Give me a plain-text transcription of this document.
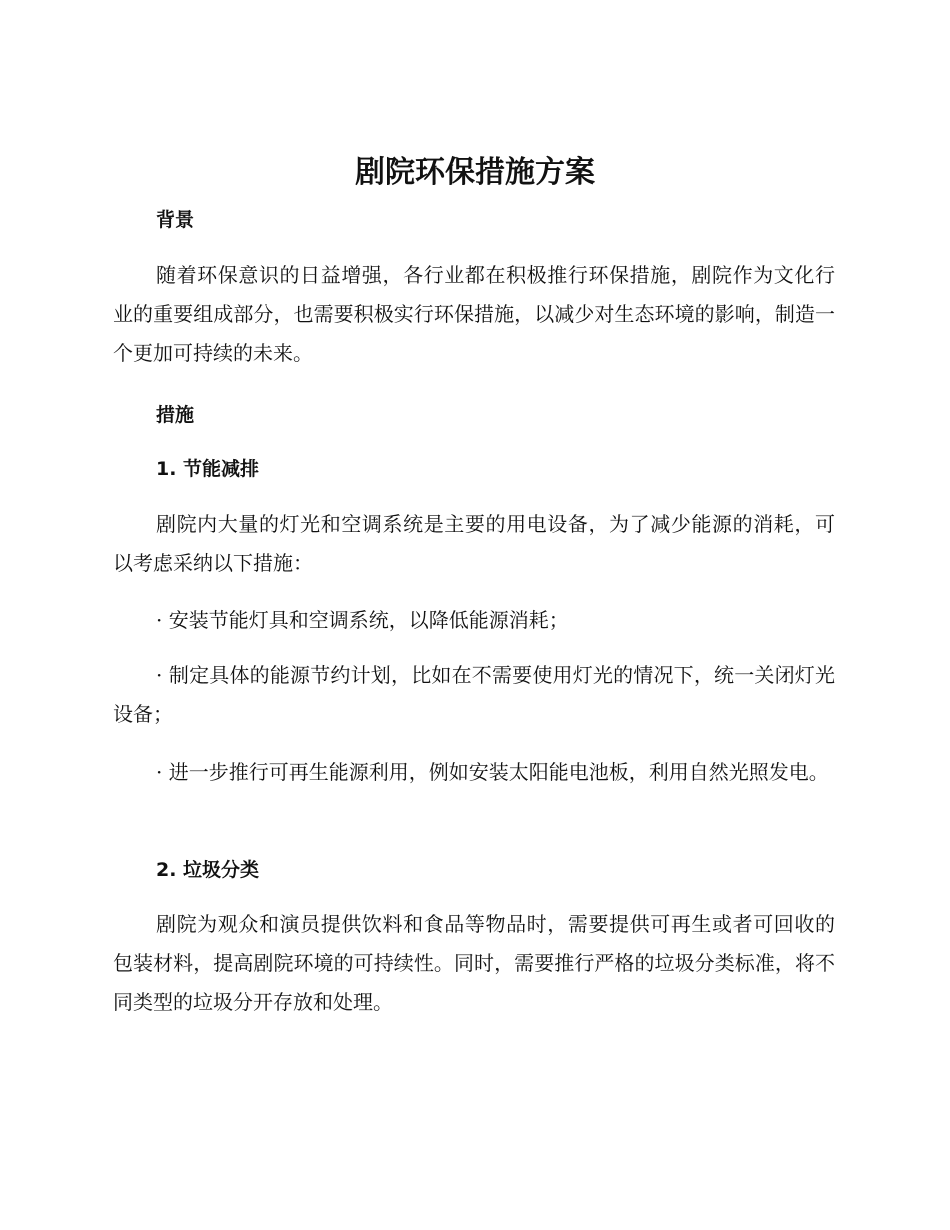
剧院环保措施方案
背景

随着环保意识的日益增强，各行业都在积极推行环保措施，剧院作为文化行业的重要组成部分，也需要积极实行环保措施，以减少对生态环境的影响，制造一个更加可持续的未来。

措施
1. 节能减排

剧院内大量的灯光和空调系统是主要的用电设备，为了减少能源的消耗，可以考虑采纳以下措施：

· 安装节能灯具和空调系统，以降低能源消耗；

· 制定具体的能源节约计划，比如在不需要使用灯光的情况下，统一关闭灯光设备；

· 进一步推行可再生能源利用，例如安装太阳能电池板，利用自然光照发电。

2. 垃圾分类

剧院为观众和演员提供饮料和食品等物品时，需要提供可再生或者可回收的包装材料，提高剧院环境的可持续性。同时，需要推行严格的垃圾分类标准，将不同类型的垃圾分开存放和处理。
